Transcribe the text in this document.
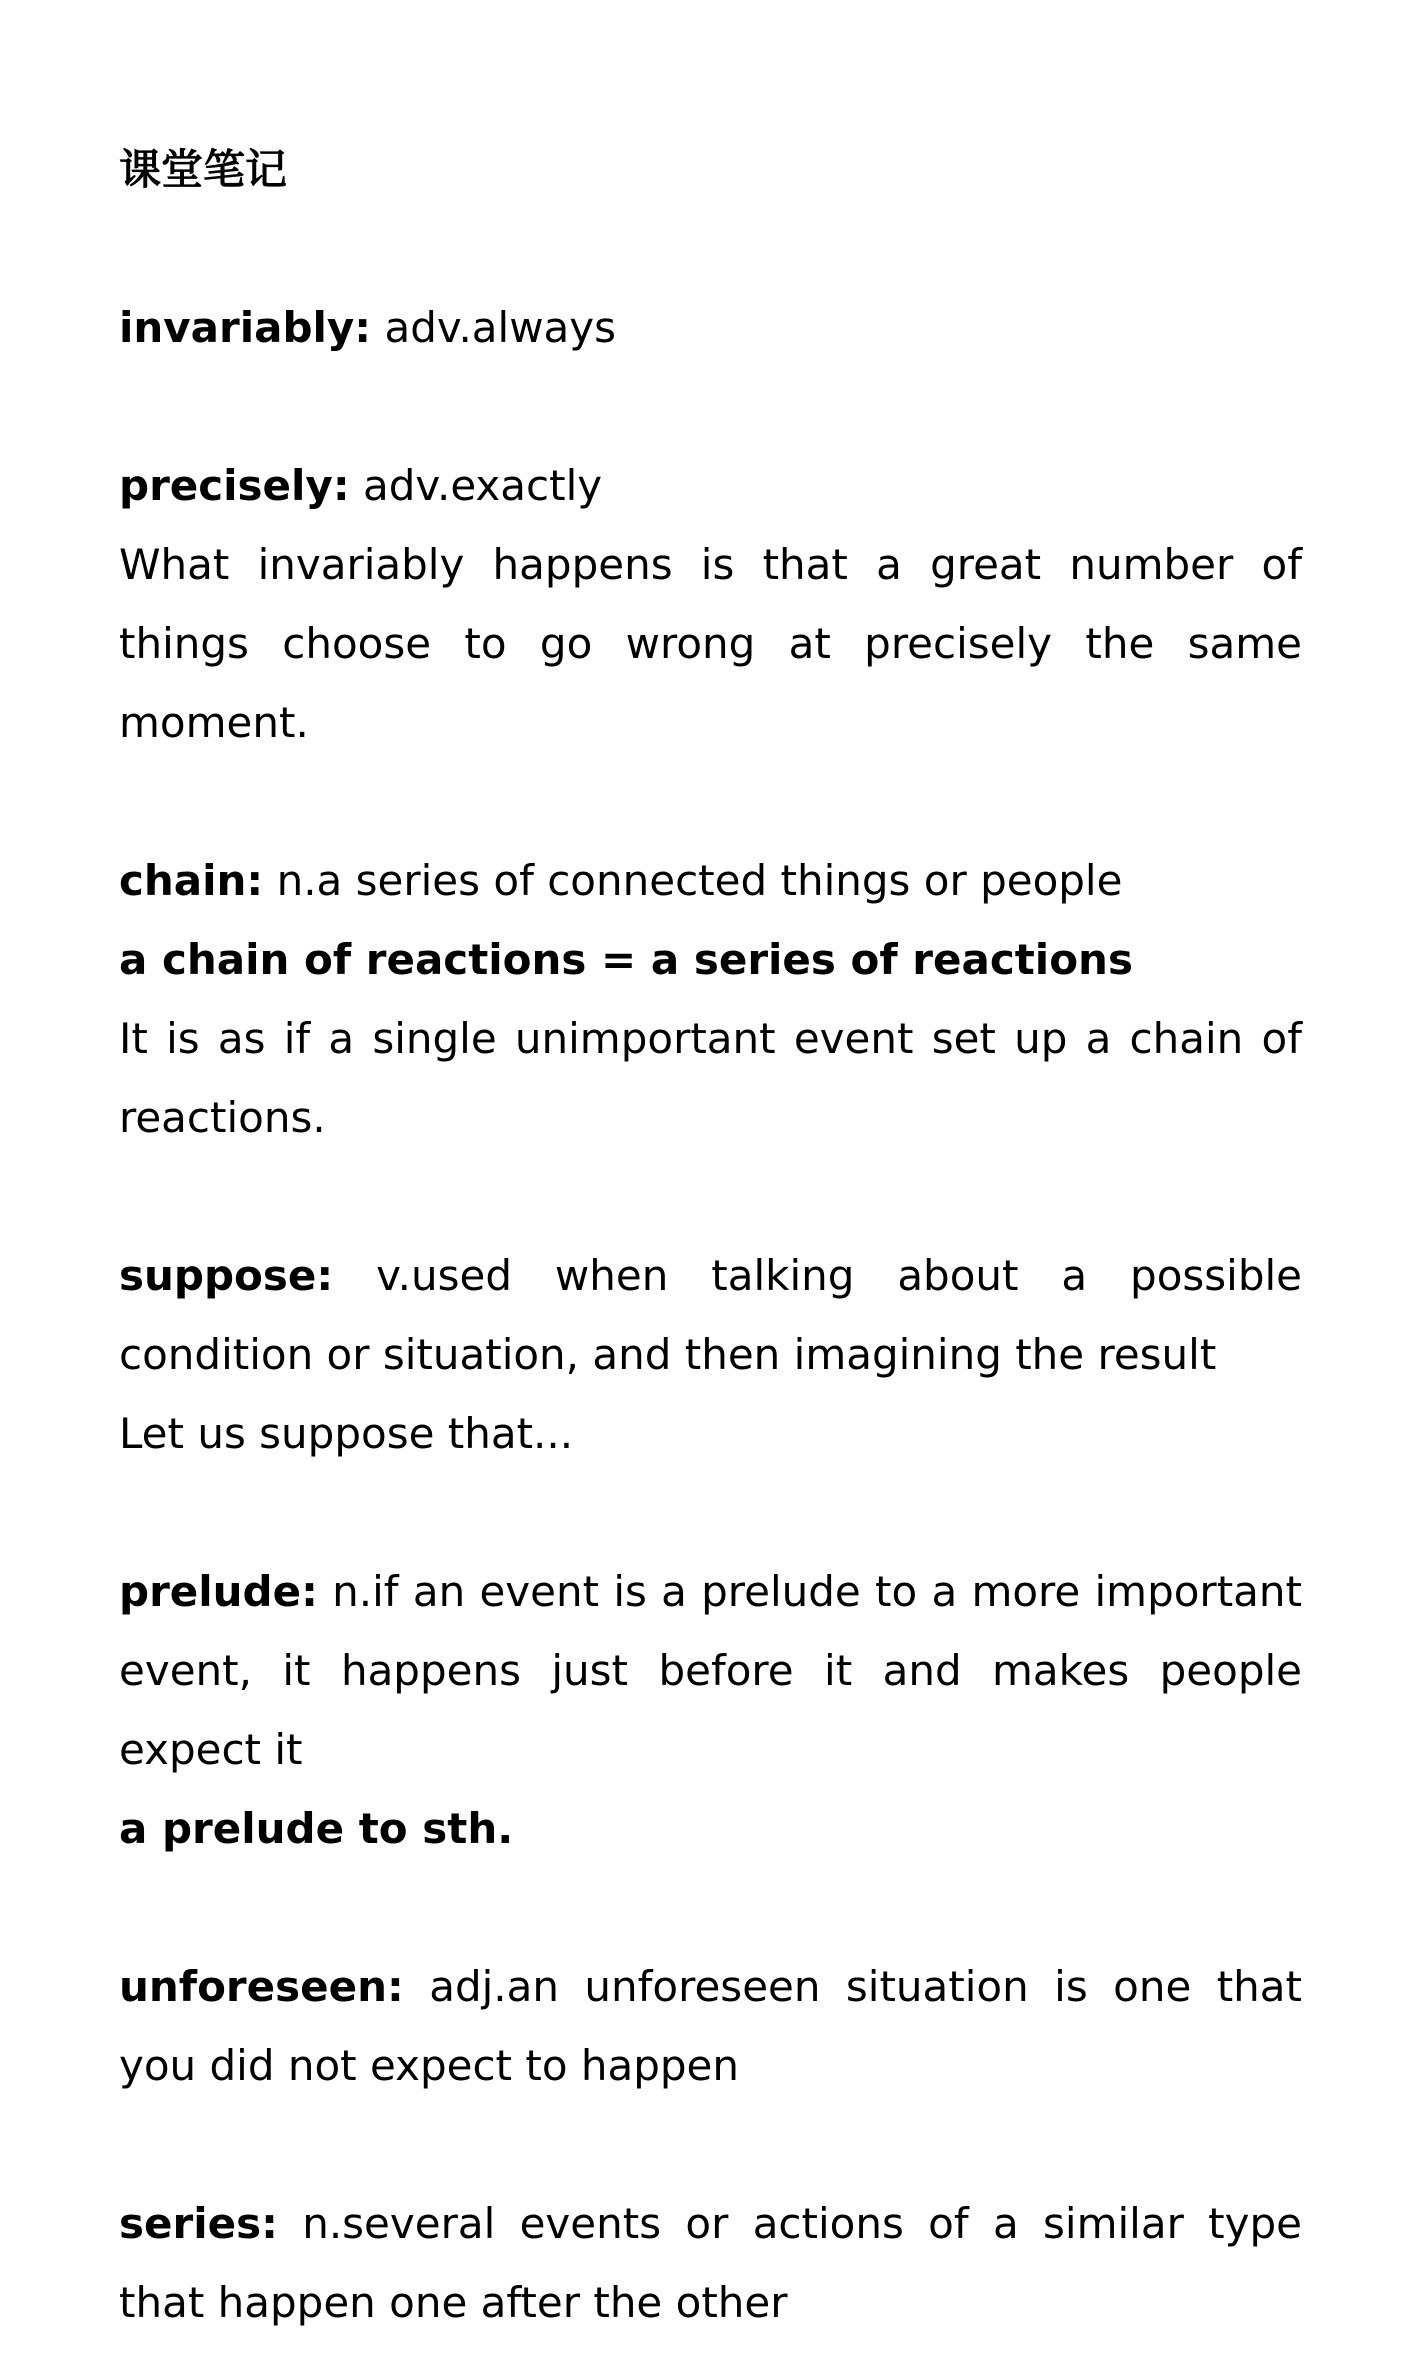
课堂笔记
invariably: adv.always
precisely: adv.exactly
What invariably happens is that a great number of things choose to go wrong at precisely the same moment.
chain: n.a series of connected things or people
a chain of reactions = a series of reactions
It is as if a single unimportant event set up a chain of reactions.
suppose: v.used when talking about a possible condition or situation, and then imagining the result
Let us suppose that...
prelude: n.if an event is a prelude to a more important event, it happens just before it and makes people expect it
a prelude to sth.
unforeseen: adj.an unforeseen situation is one that you did not expect to happen
series: n.several events or actions of a similar type that happen one after the other
